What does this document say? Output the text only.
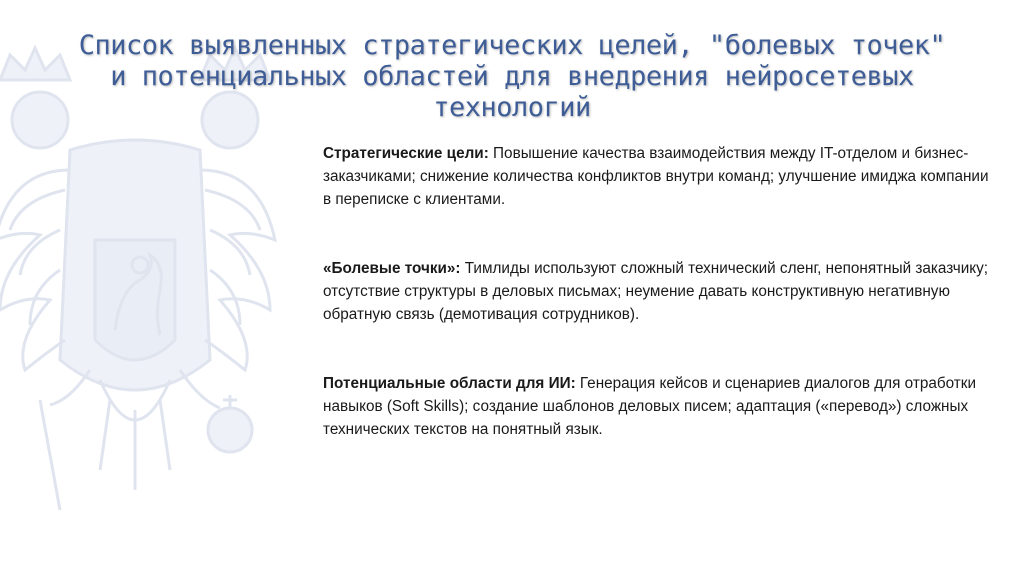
Список выявленных стратегических целей, "болевых точек"
и потенциальных областей для внедрения нейросетевых
технологий

Стратегические цели: Повышение качества взаимодействия между IT-отделом и бизнес-заказчиками; снижение количества конфликтов внутри команд; улучшение имиджа компании в переписке с клиентами.

«Болевые точки»: Тимлиды используют сложный технический сленг, непонятный заказчику; отсутствие структуры в деловых письмах; неумение давать конструктивную негативную обратную связь (демотивация сотрудников).

Потенциальные области для ИИ: Генерация кейсов и сценариев диалогов для отработки навыков (Soft Skills); создание шаблонов деловых писем; адаптация («перевод») сложных технических текстов на понятный язык.
